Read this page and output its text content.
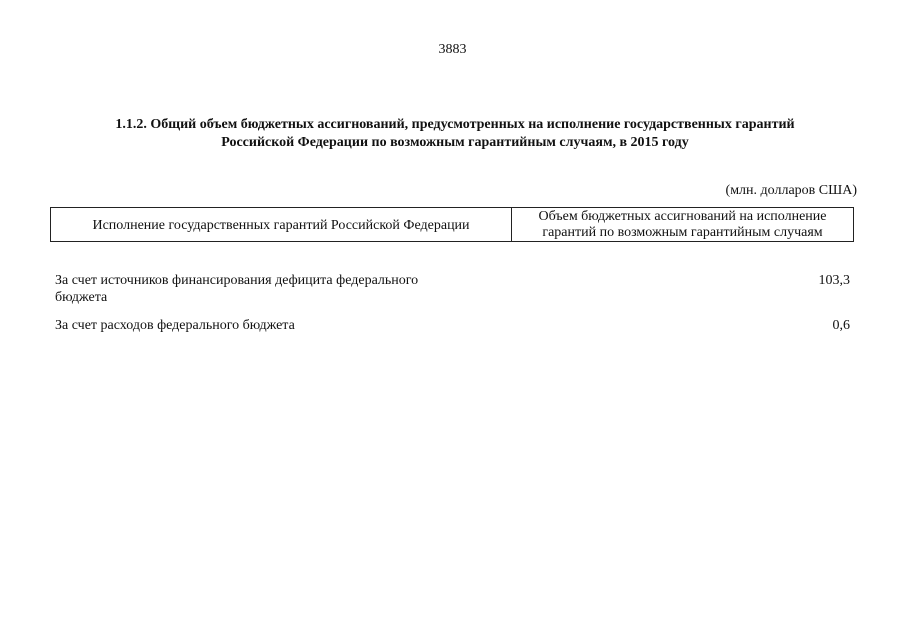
3883
1.1.2. Общий объем бюджетных ассигнований, предусмотренных на исполнение государственных гарантий
Российской Федерации по возможным гарантийным случаям, в 2015 году
(млн. долларов США)
Исполнение государственных гарантий Российской Федерации
Объем бюджетных ассигнований на исполнение
гарантий по возможным гарантийным случаям
За счет источников финансирования дефицита федерального бюджета
103,3
За счет расходов федерального бюджета	0,6
